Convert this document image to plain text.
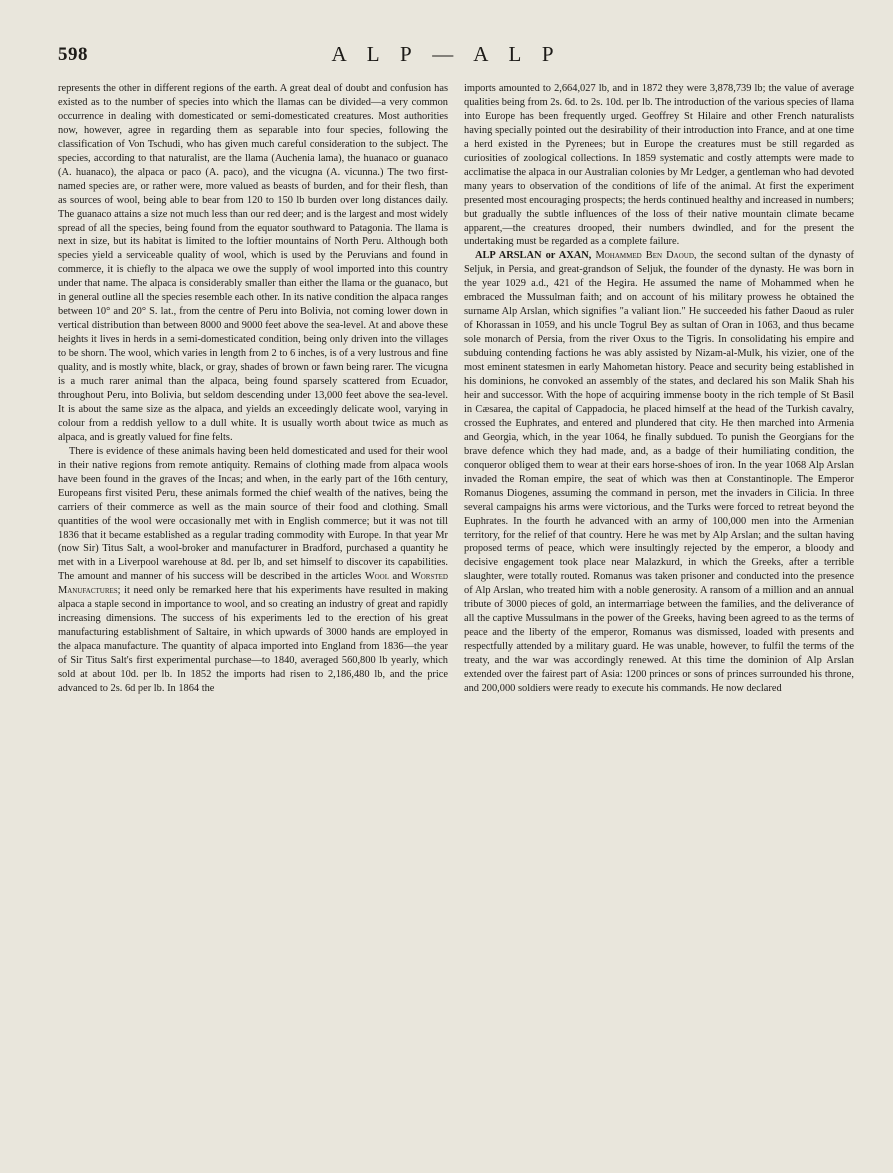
598	A L P — A L P

represents the other in different regions of the earth. A great deal of doubt and confusion has existed as to the number of species into which the llamas can be divided—a very common occurrence in dealing with domesticated or semi-domesticated creatures. Most authorities now, however, agree in regarding them as separable into four species, following the classification of Von Tschudi, who has given much careful consideration to the subject. The species, according to that naturalist, are the llama (Auchenia lama), the huanaco or guanaco (A. huanaco), the alpaca or paco (A. paco), and the vicugna (A. vicunna.) The two first-named species are, or rather were, more valued as beasts of burden, and for their flesh, than as sources of wool, being able to bear from 120 to 150 lb burden over long distances daily. The guanaco attains a size not much less than our red deer; and is the largest and most widely spread of all the species, being found from the equator southward to Patagonia. The llama is next in size, but its habitat is limited to the loftier mountains of North Peru. Although both species yield a serviceable quality of wool, which is used by the Peruvians and found in commerce, it is chiefly to the alpaca we owe the supply of wool imported into this country under that name. The alpaca is considerably smaller than either the llama or the guanaco, but in general outline all the species resemble each other. In its native condition the alpaca ranges between 10° and 20° S. lat., from the centre of Peru into Bolivia, not coming lower down in vertical distribution than between 8000 and 9000 feet above the sea-level. At and above these heights it lives in herds in a semi-domesticated condition, being only driven into the villages to be shorn. The wool, which varies in length from 2 to 6 inches, is of a very lustrous and fine quality, and is mostly white, black, or gray, shades of brown or fawn being rarer. The vicugna is a much rarer animal than the alpaca, being found sparsely scattered from Ecuador, throughout Peru, into Bolivia, but seldom descending under 13,000 feet above the sea-level. It is about the same size as the alpaca, and yields an exceedingly delicate wool, varying in colour from a reddish yellow to a dull white. It is usually worth about twice as much as alpaca, and is greatly valued for fine felts.

There is evidence of these animals having been held domesticated and used for their wool in their native regions from remote antiquity. Remains of clothing made from alpaca wools have been found in the graves of the Incas; and when, in the early part of the 16th century, Europeans first visited Peru, these animals formed the chief wealth of the natives, being the carriers of their commerce as well as the main source of their food and clothing. Small quantities of the wool were occasionally met with in English commerce; but it was not till 1836 that it became established as a regular trading commodity with Europe. In that year Mr (now Sir) Titus Salt, a wool-broker and manufacturer in Bradford, purchased a quantity he met with in a Liverpool warehouse at 8d. per lb, and set himself to discover its capabilities. The amount and manner of his success will be described in the articles Wool and Worsted Manufactures; it need only be remarked here that his experiments have resulted in making alpaca a staple second in importance to wool, and so creating an industry of great and rapidly increasing dimensions. The success of his experiments led to the erection of his great manufacturing establishment of Saltaire, in which upwards of 3000 hands are employed in the alpaca manufacture. The quantity of alpaca imported into England from 1836—the year of Sir Titus Salt's first experimental purchase—to 1840, averaged 560,800 lb yearly, which sold at about 10d. per lb. In 1852 the imports had risen to 2,186,480 lb, and the price advanced to 2s. 6d per lb. In 1864 the

imports amounted to 2,664,027 lb, and in 1872 they were 3,878,739 lb; the value of average qualities being from 2s. 6d. to 2s. 10d. per lb. The introduction of the various species of llama into Europe has been frequently urged. Geoffrey St Hilaire and other French naturalists having specially pointed out the desirability of their introduction into France, and at one time a herd existed in the Pyrenees; but in Europe the creatures must be still regarded as curiosities of zoological collections. In 1859 systematic and costly attempts were made to acclimatise the alpaca in our Australian colonies by Mr Ledger, a gentleman who had devoted many years to observation of the conditions of life of the animal. At first the experiment presented most encouraging prospects; the herds continued healthy and increased in numbers; but gradually the subtle influences of the loss of their native mountain climate became apparent,—the creatures drooped, their numbers dwindled, and for the present the undertaking must be regarded as a complete failure.

ALP ARSLAN or AXAN, Mohammed Ben Daoud, the second sultan of the dynasty of Seljuk, in Persia, and great-grandson of Seljuk, the founder of the dynasty. He was born in the year 1029 a.d., 421 of the Hegira. He assumed the name of Mohammed when he embraced the Mussulman faith; and on account of his military prowess he obtained the surname Alp Arslan, which signifies "a valiant lion." He succeeded his father Daoud as ruler of Khorassan in 1059, and his uncle Togrul Bey as sultan of Oran in 1063, and thus became sole monarch of Persia, from the river Oxus to the Tigris. In consolidating his empire and subduing contending factions he was ably assisted by Nizam-al-Mulk, his vizier, one of the most eminent statesmen in early Mahometan history. Peace and security being established in his dominions, he convoked an assembly of the states, and declared his son Malik Shah his heir and successor. With the hope of acquiring immense booty in the rich temple of St Basil in Cæsarea, the capital of Cappadocia, he placed himself at the head of the Turkish cavalry, crossed the Euphrates, and entered and plundered that city. He then marched into Armenia and Georgia, which, in the year 1064, he finally subdued. To punish the Georgians for the brave defence which they had made, and, as a badge of their humiliating condition, the conqueror obliged them to wear at their ears horse-shoes of iron. In the year 1068 Alp Arslan invaded the Roman empire, the seat of which was then at Constantinople. The Emperor Romanus Diogenes, assuming the command in person, met the invaders in Cilicia. In three several campaigns his arms were victorious, and the Turks were forced to retreat beyond the Euphrates. In the fourth he advanced with an army of 100,000 men into the Armenian territory, for the relief of that country. Here he was met by Alp Arslan; and the sultan having proposed terms of peace, which were insultingly rejected by the emperor, a bloody and decisive engagement took place near Malazkurd, in which the Greeks, after a terrible slaughter, were totally routed. Romanus was taken prisoner and conducted into the presence of Alp Arslan, who treated him with a noble generosity. A ransom of a million and an annual tribute of 3000 pieces of gold, an intermarriage between the families, and the deliverance of all the captive Mussulmans in the power of the Greeks, having been agreed to as the terms of peace and the liberty of the emperor, Romanus was dismissed, loaded with presents and respectfully attended by a military guard. He was unable, however, to fulfil the terms of the treaty, and the war was accordingly renewed. At this time the dominion of Alp Arslan extended over the fairest part of Asia: 1200 princes or sons of princes surrounded his throne, and 200,000 soldiers were ready to execute his commands. He now declared
